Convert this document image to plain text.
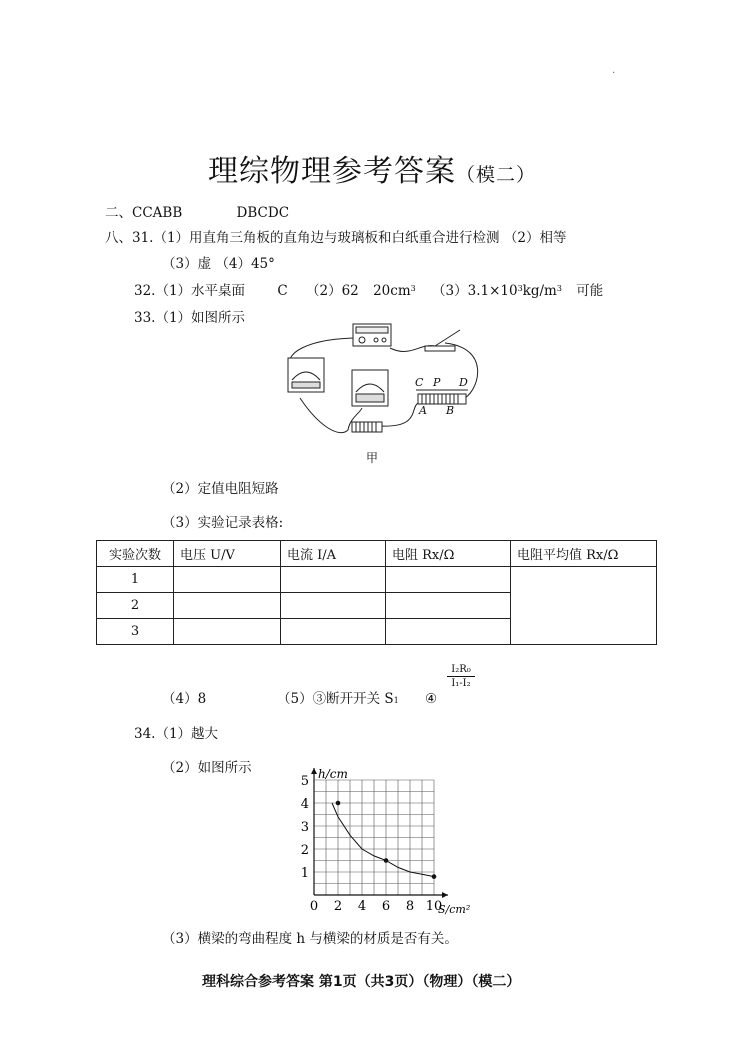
·
理综物理参考答案（模二）
二、CCABB	DBCDC
八、31.（1）用直角三角板的直角边与玻璃板和白纸重合进行检测 （2）相等
（3）虚 （4）45°
32.（1）水平桌面 C （2）62 $20cm^3$ $(3)3.1\times 10^3kg/m^3$ 可能
33.（1）如图所示
C P D
A B
甲
（2）定值电阻短路
（3）实验记录表格:
实验次数	电压 U/V	电流 I/A	电阻 Rx/Ω	电阻平均值 Rx/Ω
1				
2				
3				
（4）8	（5）③断开开关 S1 ④
I₂R₀
I₁-I₂
34.（1）越大
（2）如图所示
0 2 4 6 8 10
1
2
3
4
5 h/cm
S/cm²
（3）横梁的弯曲程度 h 与横梁的材质是否有关。
理科综合参考答案 第1页（共3页）（物理）（模二）
